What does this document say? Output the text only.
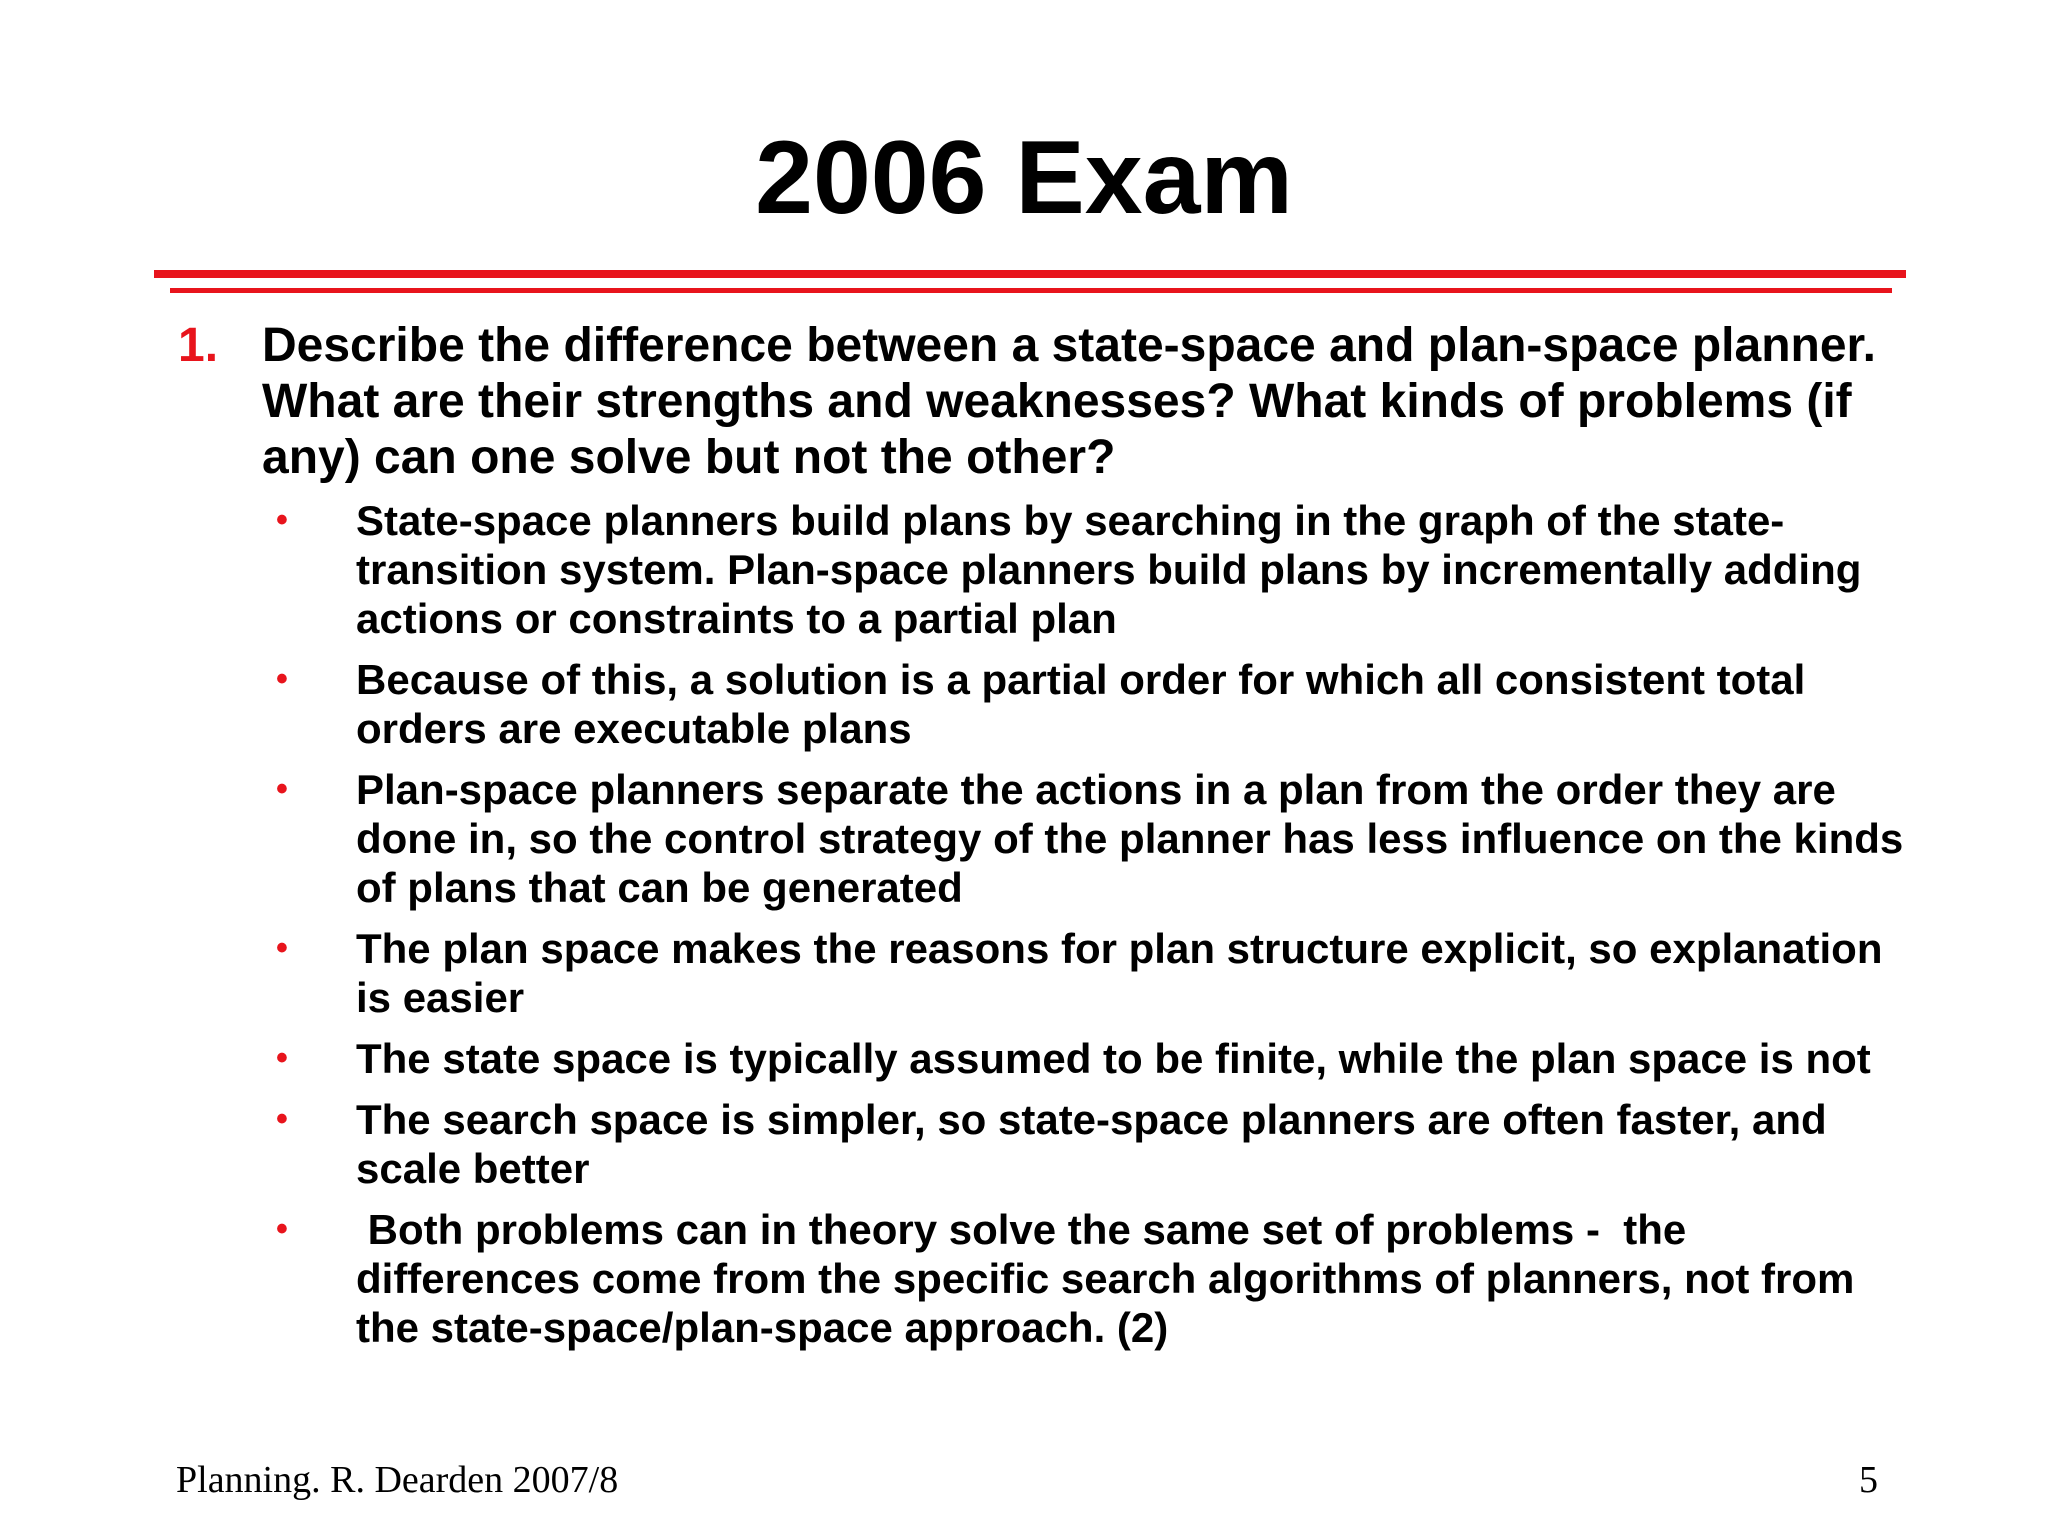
2006 Exam
1. Describe the difference between a state-space and plan-space planner. What are their strengths and weaknesses? What kinds of problems (if any) can one solve but not the other?

• State-space planners build plans by searching in the graph of the state-transition system. Plan-space planners build plans by incrementally adding actions or constraints to a partial plan
• Because of this, a solution is a partial order for which all consistent total orders are executable plans
• Plan-space planners separate the actions in a plan from the order they are done in, so the control strategy of the planner has less influence on the kinds of plans that can be generated
• The plan space makes the reasons for plan structure explicit, so explanation is easier
• The state space is typically assumed to be finite, while the plan space is not
• The search space is simpler, so state-space planners are often faster, and scale better
• Both problems can in theory solve the same set of problems -  the differences come from the specific search algorithms of planners, not from the state-space/plan-space approach. (2)
Planning. R. Dearden 2007/8	5
